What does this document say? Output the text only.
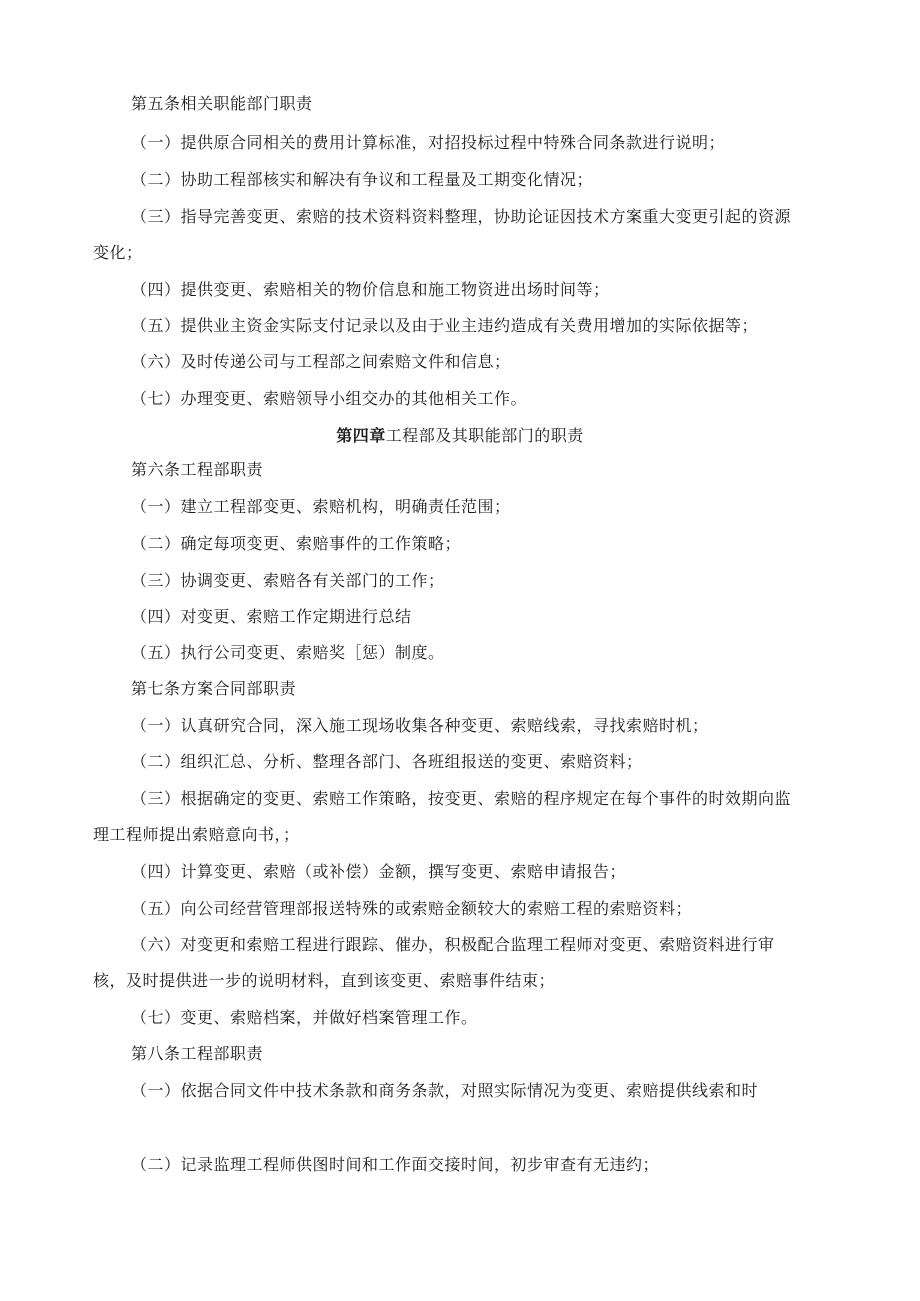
第五条相关职能部门职责
（一）提供原合同相关的费用计算标准，对招投标过程中特殊合同条款进行说明；
（二）协助工程部核实和解决有争议和工程量及工期变化情况；
（三）指导完善变更、索赔的技术资料资料整理，协助论证因技术方案重大变更引起的资源
变化；
（四）提供变更、索赔相关的物价信息和施工物资进出场时间等；
（五）提供业主资金实际支付记录以及由于业主违约造成有关费用增加的实际依据等；
（六）及时传递公司与工程部之间索赔文件和信息；
（七）办理变更、索赔领导小组交办的其他相关工作。
第四章工程部及其职能部门的职责
第六条工程部职责
（一）建立工程部变更、索赔机构，明确责任范围；
（二）确定每项变更、索赔事件的工作策略；
（三）协调变更、索赔各有关部门的工作；
（四）对变更、索赔工作定期进行总结
（五）执行公司变更、索赔奖［惩）制度。
第七条方案合同部职责
（一）认真研究合同，深入施工现场收集各种变更、索赔线索，寻找索赔时机；
（二）组织汇总、分析、整理各部门、各班组报送的变更、索赔资料；
（三）根据确定的变更、索赔工作策略，按变更、索赔的程序规定在每个事件的时效期向监
理工程师提出索赔意向书，；
（四）计算变更、索赔（或补偿）金额，撰写变更、索赔申请报告；
（五）向公司经营管理部报送特殊的或索赔金额较大的索赔工程的索赔资料；
（六）对变更和索赔工程进行跟踪、催办，积极配合监理工程师对变更、索赔资料进行审
核，及时提供进一步的说明材料，直到该变更、索赔事件结束；
（七）变更、索赔档案，并做好档案管理工作。
第八条工程部职责
（一）依据合同文件中技术条款和商务条款，对照实际情况为变更、索赔提供线索和时
（二）记录监理工程师供图时间和工作面交接时间，初步审查有无违约；
